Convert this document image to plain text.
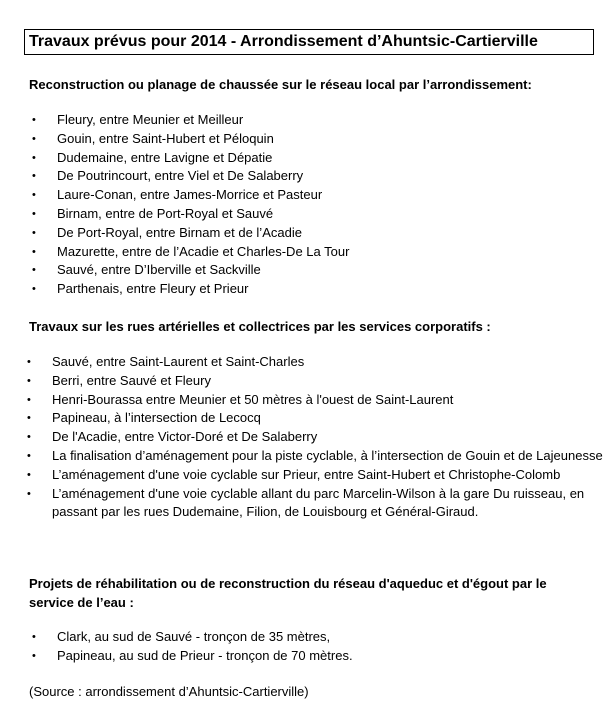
Travaux prévus pour 2014 - Arrondissement d’Ahuntsic-Cartierville
Reconstruction ou planage de chaussée sur le réseau local par l’arrondissement:
• Fleury, entre Meunier et Meilleur
• Gouin, entre Saint-Hubert et Péloquin
• Dudemaine, entre Lavigne et Dépatie
• De Poutrincourt, entre Viel et De Salaberry
• Laure-Conan, entre James-Morrice et Pasteur
• Birnam, entre de Port-Royal et Sauvé
• De Port-Royal, entre Birnam et de l’Acadie
• Mazurette, entre de l’Acadie et Charles-De La Tour
• Sauvé, entre D’Iberville et Sackville
• Parthenais, entre Fleury et Prieur
Travaux sur les rues artérielles et collectrices par les services corporatifs :
• Sauvé, entre Saint-Laurent et Saint-Charles
• Berri, entre Sauvé et Fleury
• Henri-Bourassa entre Meunier et 50 mètres à l'ouest de Saint-Laurent
• Papineau, à l’intersection de Lecocq
• De l'Acadie, entre Victor-Doré et De Salaberry
• La finalisation d’aménagement pour la piste cyclable, à l’intersection de Gouin et de Lajeunesse
• L’aménagement d'une voie cyclable sur Prieur, entre Saint-Hubert et Christophe-Colomb
• L’aménagement d'une voie cyclable allant du parc Marcelin-Wilson à la gare Du ruisseau, en passant par les rues Dudemaine, Filion, de Louisbourg et Général-Giraud.
Projets de réhabilitation ou de reconstruction du réseau d'aqueduc et d'égout par le service de l’eau :
• Clark, au sud de Sauvé - tronçon de 35 mètres,
• Papineau, au sud de Prieur - tronçon de 70 mètres.
(Source : arrondissement d’Ahuntsic-Cartierville)
